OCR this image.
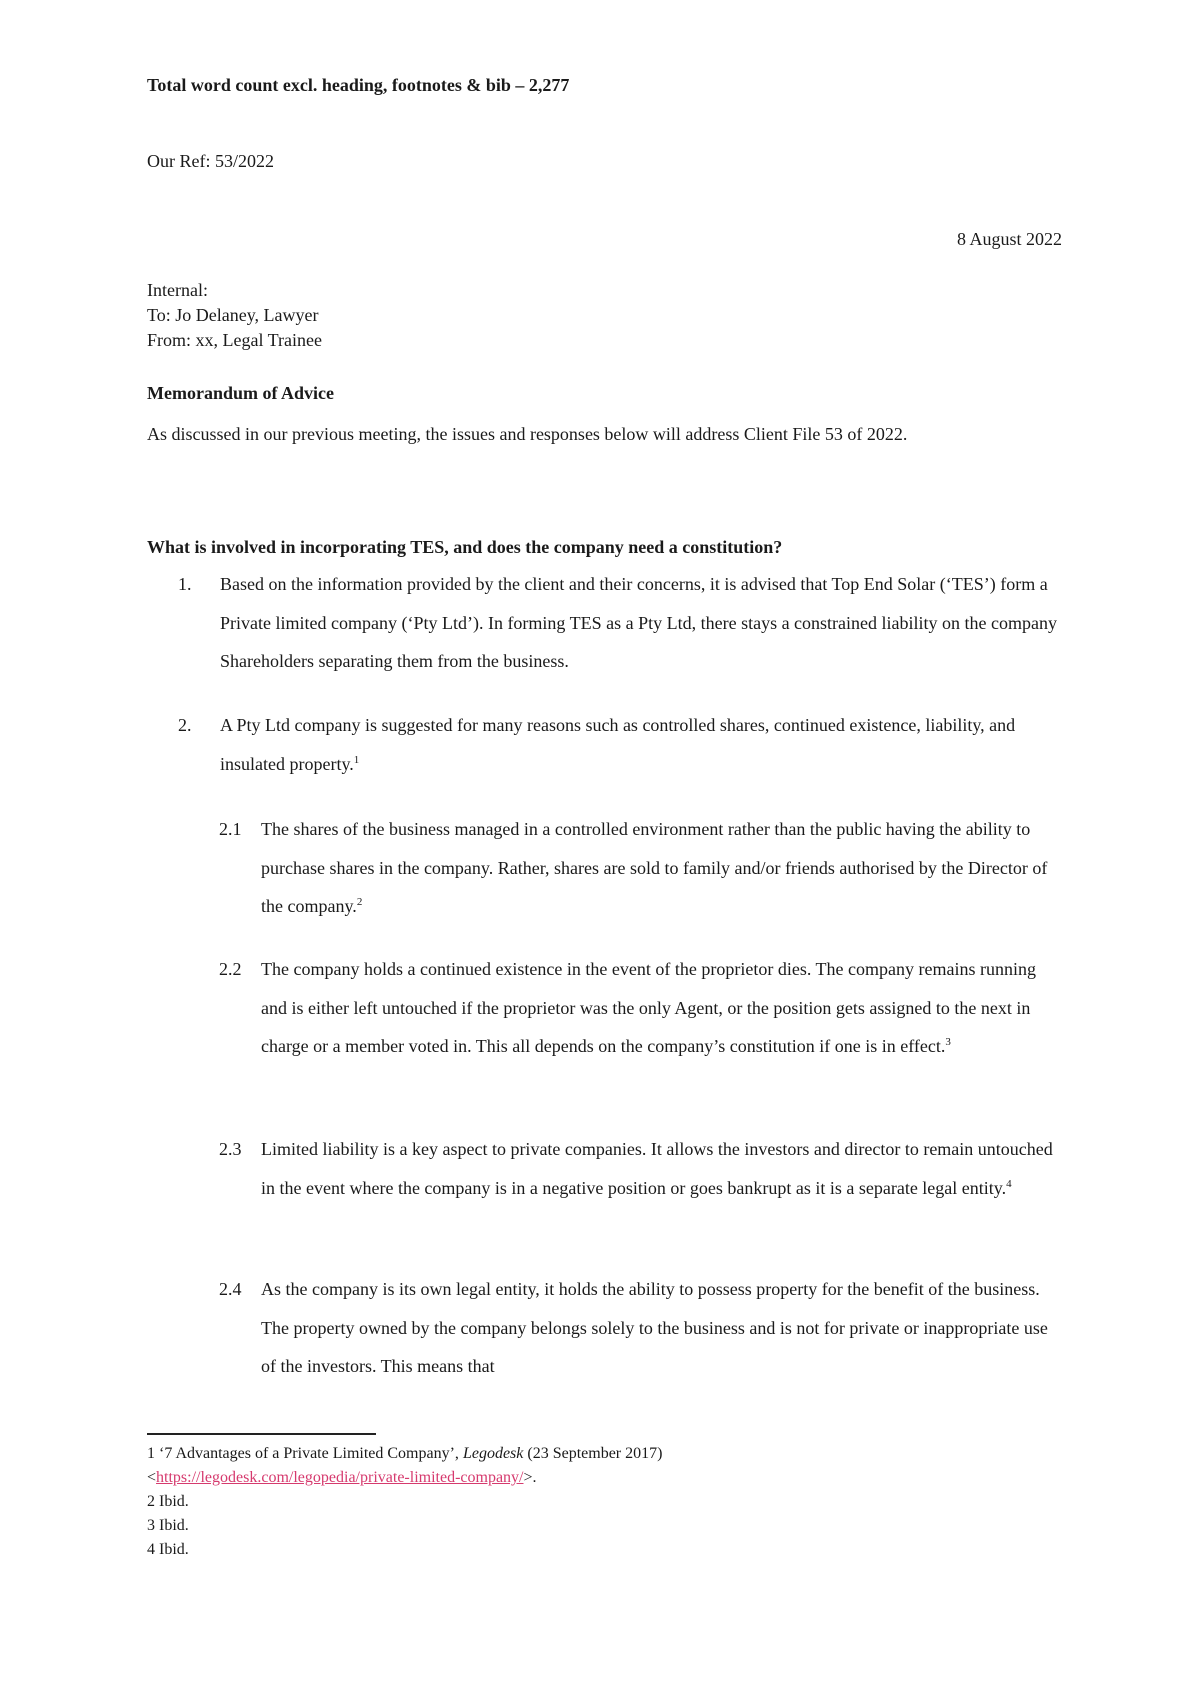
Total word count excl. heading, footnotes & bib – 2,277
Our Ref: 53/2022
8 August 2022
Internal:
To: Jo Delaney, Lawyer
From: xx, Legal Trainee
Memorandum of Advice
As discussed in our previous meeting, the issues and responses below will address Client File 53 of 2022.
What is involved in incorporating TES, and does the company need a constitution?
1. Based on the information provided by the client and their concerns, it is advised that Top End Solar (‘TES’) form a Private limited company (‘Pty Ltd’). In forming TES as a Pty Ltd, there stays a constrained liability on the company Shareholders separating them from the business.
2. A Pty Ltd company is suggested for many reasons such as controlled shares, continued existence, liability, and insulated property.$^1$
2.1 The shares of the business managed in a controlled environment rather than the public having the ability to purchase shares in the company. Rather, shares are sold to family and/or friends authorised by the Director of the company.$^2$
2.2 The company holds a continued existence in the event of the proprietor dies. The company remains running and is either left untouched if the proprietor was the only Agent, or the position gets assigned to the next in charge or a member voted in. This all depends on the company’s constitution if one is in effect.$^3$
2.3 Limited liability is a key aspect to private companies. It allows the investors and director to remain untouched in the event where the company is in a negative position or goes bankrupt as it is a separate legal entity.$^4$
2.4 As the company is its own legal entity, it holds the ability to possess property for the benefit of the business. The property owned by the company belongs solely to the business and is not for private or inappropriate use of the investors. This means that
1 ‘7 Advantages of a Private Limited Company’, Legodesk (23 September 2017)
<https://legodesk.com/legopedia/private-limited-company/>.
2 Ibid.
3 Ibid.
4 Ibid.
